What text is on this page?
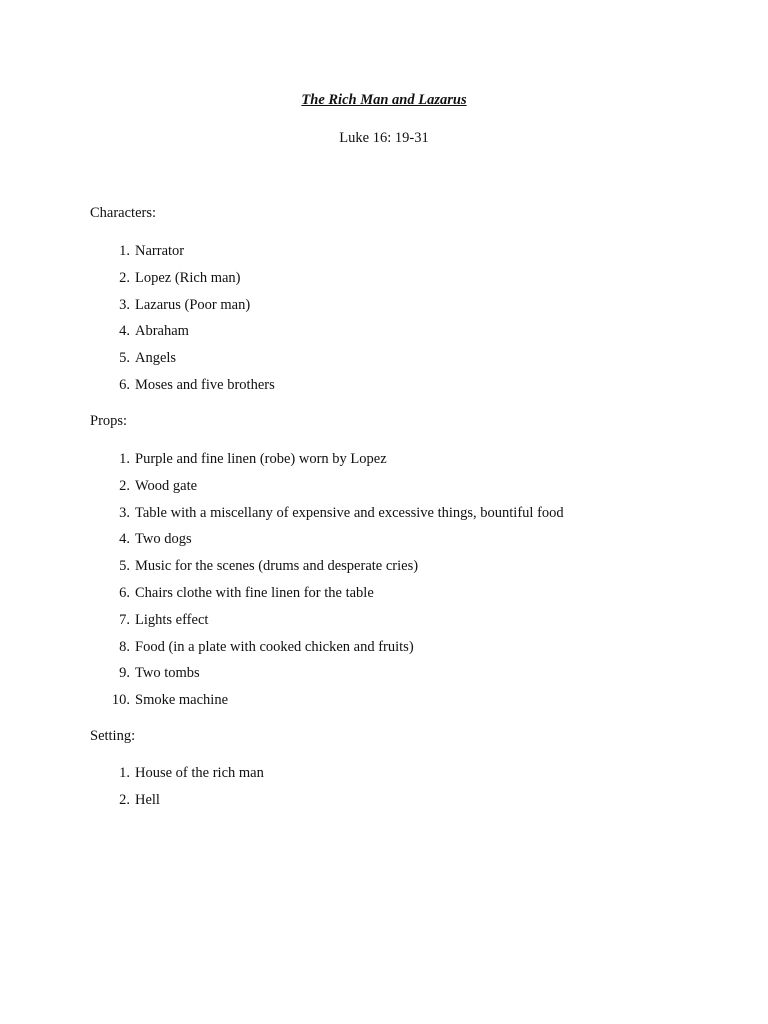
The Rich Man and Lazarus
Luke 16: 19-31
Characters:
1. Narrator
2. Lopez (Rich man)
3. Lazarus (Poor man)
4. Abraham
5. Angels
6. Moses and five brothers
Props:
1. Purple and fine linen (robe) worn by Lopez
2. Wood gate
3. Table with a miscellany of expensive and excessive things, bountiful food
4. Two dogs
5. Music for the scenes (drums and desperate cries)
6. Chairs clothe with fine linen for the table
7. Lights effect
8. Food (in a plate with cooked chicken and fruits)
9. Two tombs
10. Smoke machine
Setting:
1. House of the rich man
2. Hell
